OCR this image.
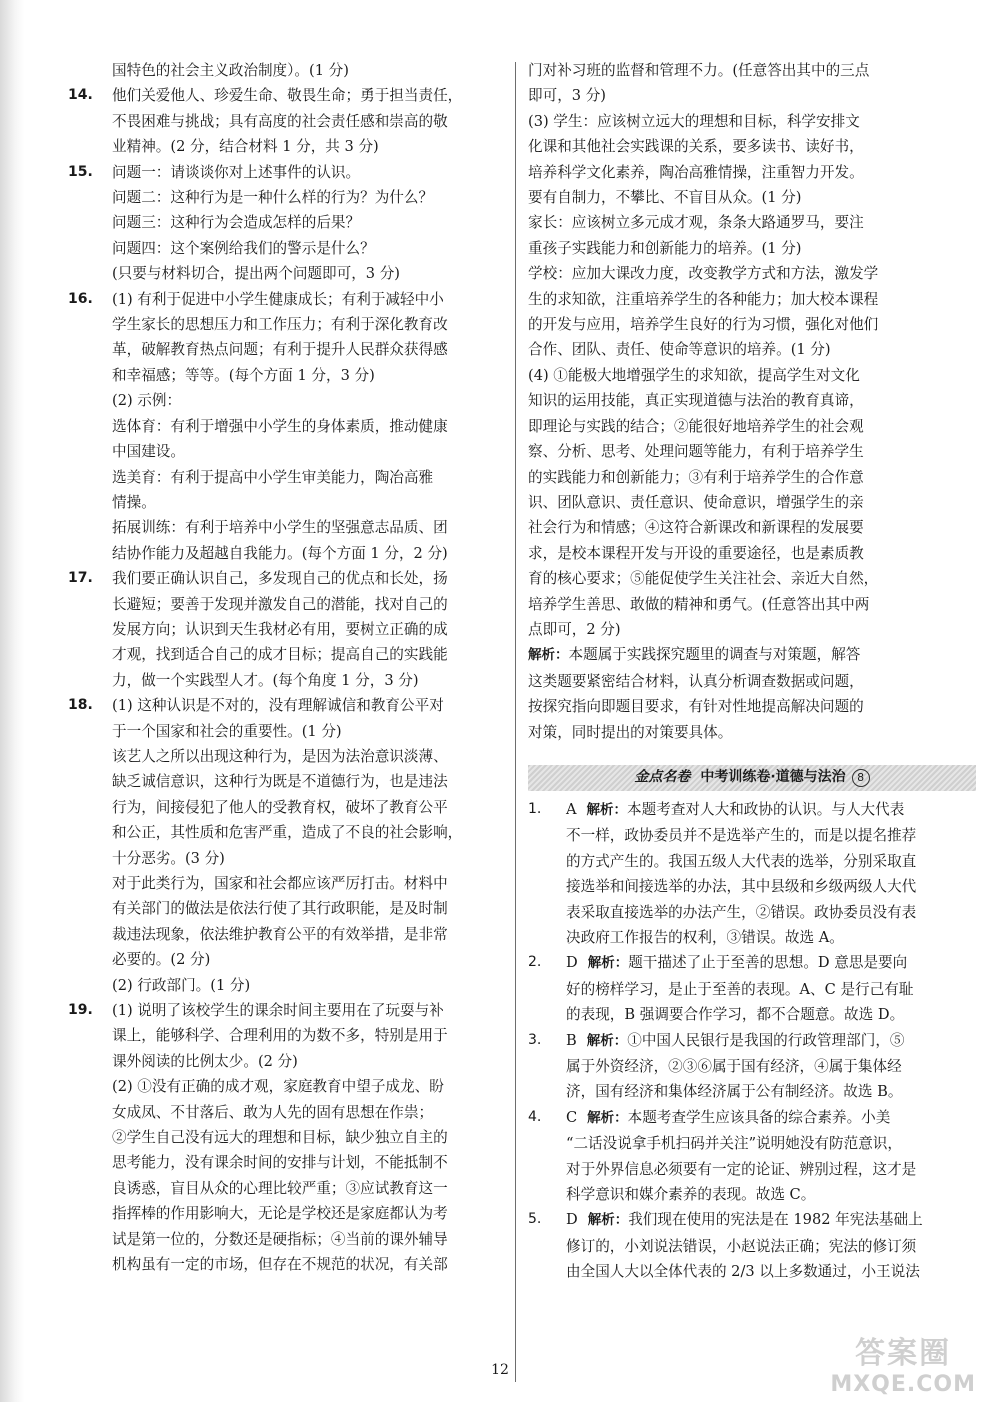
国特色的社会主义政治制度）。(1 分)
14. 他们关爱他人、珍爱生命、敬畏生命；勇于担当责任，
不畏困难与挑战；具有高度的社会责任感和崇高的敬
业精神。(2 分，结合材料 1 分，共 3 分)
15. 问题一：请谈谈你对上述事件的认识。
问题二：这种行为是一种什么样的行为？为什么？
问题三：这种行为会造成怎样的后果？
问题四：这个案例给我们的警示是什么？
(只要与材料切合，提出两个问题即可，3 分)
16. (1) 有利于促进中小学生健康成长；有利于减轻中小
学生家长的思想压力和工作压力；有利于深化教育改
革，破解教育热点问题；有利于提升人民群众获得感
和幸福感；等等。(每个方面 1 分，3 分)
(2) 示例：
选体育：有利于增强中小学生的身体素质，推动健康
中国建设。
选美育：有利于提高中小学生审美能力，陶冶高雅
情操。
拓展训练：有利于培养中小学生的坚强意志品质、团
结协作能力及超越自我能力。(每个方面 1 分，2 分)
17. 我们要正确认识自己，多发现自己的优点和长处，扬
长避短；要善于发现并激发自己的潜能，找对自己的
发展方向；认识到天生我材必有用，要树立正确的成
才观，找到适合自己的成才目标；提高自己的实践能
力，做一个实践型人才。(每个角度 1 分，3 分)
18. (1) 这种认识是不对的，没有理解诚信和教育公平对
于一个国家和社会的重要性。(1 分)
该艺人之所以出现这种行为，是因为法治意识淡薄、
缺乏诚信意识，这种行为既是不道德行为，也是违法
行为，间接侵犯了他人的受教育权，破坏了教育公平
和公正，其性质和危害严重，造成了不良的社会影响，
十分恶劣。(3 分)
对于此类行为，国家和社会都应该严厉打击。材料中
有关部门的做法是依法行使了其行政职能，是及时制
裁违法现象，依法维护教育公平的有效举措，是非常
必要的。(2 分)
(2) 行政部门。(1 分)
19. (1) 说明了该校学生的课余时间主要用在了玩耍与补
课上，能够科学、合理利用的为数不多，特别是用于
课外阅读的比例太少。(2 分)
(2) ①没有正确的成才观，家庭教育中望子成龙、盼
女成凤、不甘落后、敢为人先的固有思想在作祟；
②学生自己没有远大的理想和目标，缺少独立自主的
思考能力，没有课余时间的安排与计划，不能抵制不
良诱惑，盲目从众的心理比较严重；③应试教育这一
指挥棒的作用影响大，无论是学校还是家庭都认为考
试是第一位的，分数还是硬指标；④当前的课外辅导
机构虽有一定的市场，但存在不规范的状况，有关部
门对补习班的监督和管理不力。(任意答出其中的三点
即可，3 分)
(3) 学生：应该树立远大的理想和目标，科学安排文
化课和其他社会实践课的关系，要多读书、读好书，
培养科学文化素养，陶冶高雅情操，注重智力开发。
要有自制力，不攀比、不盲目从众。(1 分)
家长：应该树立多元成才观，条条大路通罗马，要注
重孩子实践能力和创新能力的培养。(1 分)
学校：应加大课改力度，改变教学方式和方法，激发学
生的求知欲，注重培养学生的各种能力；加大校本课程
的开发与应用，培养学生良好的行为习惯，强化对他们
合作、团队、责任、使命等意识的培养。(1 分)
(4) ①能极大地增强学生的求知欲，提高学生对文化
知识的运用技能，真正实现道德与法治的教育真谛，
即理论与实践的结合；②能很好地培养学生的社会观
察、分析、思考、处理问题等能力，有利于培养学生
的实践能力和创新能力；③有利于培养学生的合作意
识、团队意识、责任意识、使命意识，增强学生的亲
社会行为和情感；④这符合新课改和新课程的发展要
求，是校本课程开发与开设的重要途径，也是素质教
育的核心要求；⑤能促使学生关注社会、亲近大自然，
培养学生善思、敢做的精神和勇气。(任意答出其中两
点即可，2 分)
解析：本题属于实践探究题里的调查与对策题，解答
这类题要紧密结合材料，认真分析调查数据或问题，
按探究指向即题目要求，有针对性地提高解决问题的
对策，同时提出的对策要具体。
金点名卷 中考训练卷·道德与法治	8
1. A 解析：本题考查对人大和政协的认识。与人大代表
不一样，政协委员并不是选举产生的，而是以提名推荐
的方式产生的。我国五级人大代表的选举，分别采取直
接选举和间接选举的办法，其中县级和乡级两级人大代
表采取直接选举的办法产生，②错误。政协委员没有表
决政府工作报告的权利，③错误。故选 A。
2. D 解析：题干描述了止于至善的思想。D 意思是要向
好的榜样学习，是止于至善的表现。A、C 是行己有耻
的表现，B 强调要合作学习，都不合题意。故选 D。
3. B 解析：①中国人民银行是我国的行政管理部门，⑤
属于外资经济，②③⑥属于国有经济，④属于集体经
济，国有经济和集体经济属于公有制经济。故选 B。
4. C 解析：本题考查学生应该具备的综合素养。小美
“二话没说拿手机扫码并关注”说明她没有防范意识，
对于外界信息必须要有一定的论证、辨别过程，这才是
科学意识和媒介素养的表现。故选 C。
5. D 解析：我们现在使用的宪法是在 1982 年宪法基础上
修订的，小刘说法错误，小赵说法正确；宪法的修订须
由全国人大以全体代表的 2/3 以上多数通过，小王说法
12	答案圈
MXQE.COM
